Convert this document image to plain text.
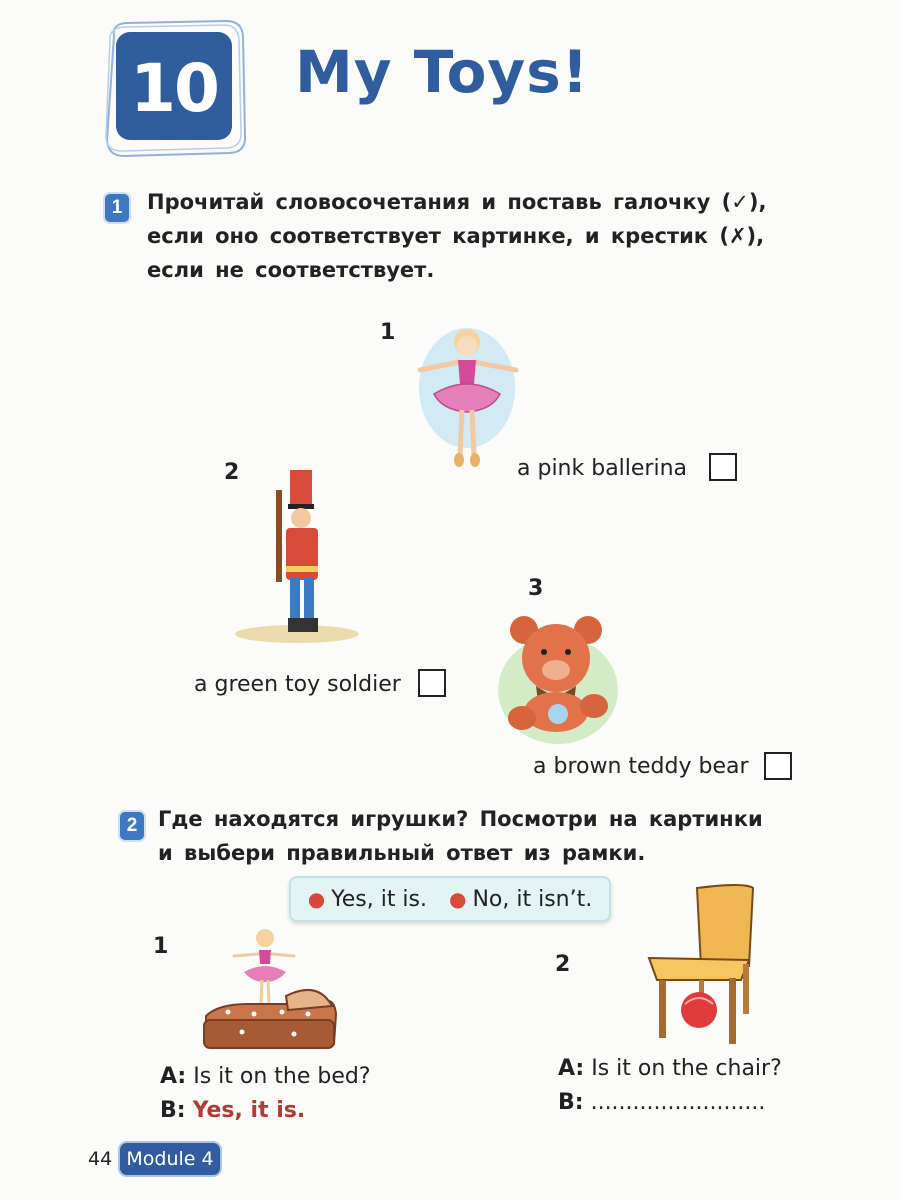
10	My Toys!
1	Прочитай словосочетания и поставь галочку (✓),
если оно соответствует картинке, и крестик (✗),
если не соответствует.
1
a pink ballerina
2
a green toy soldier
3
a brown teddy bear
2 Где находятся игрушки? Посмотри на картинки
и выбери правильный ответ из рамки.
● Yes, it is. ● No, it isn’t.
1
A: Is it on the bed?
B: Yes, it is.
2
A: Is it on the chair?
B: .........................
44 Module 4
